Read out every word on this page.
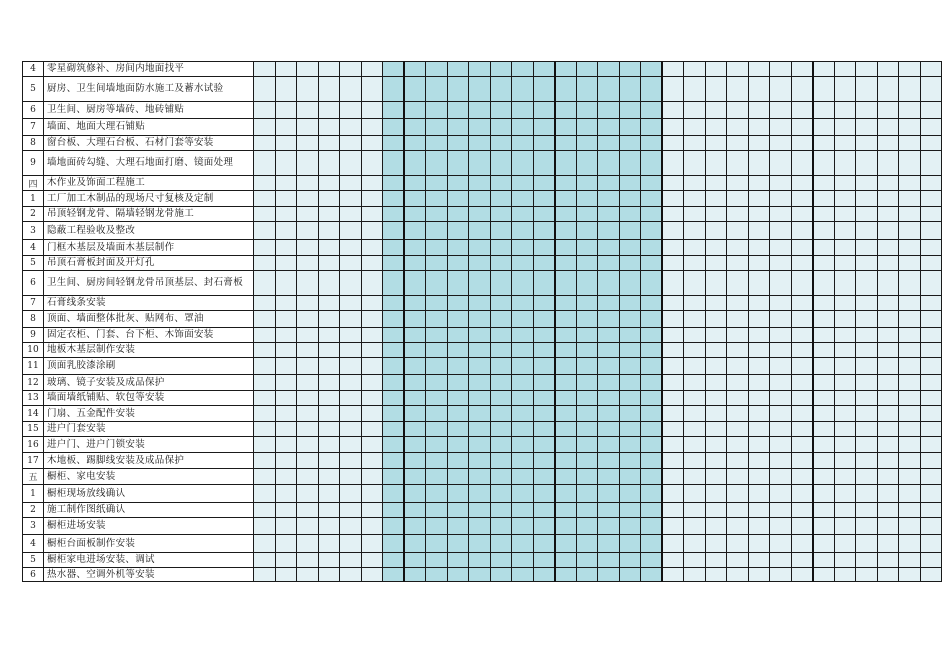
4	零星砌筑修补、房间内地面找平																																
5	厨房、卫生间墙地面防水施工及蓄水试验																																
6	卫生间、厨房等墙砖、地砖铺贴																																
7	墙面、地面大理石铺贴																																
8	窗台板、大理石台板、石材门套等安装																																
9	墙地面砖勾缝、大理石地面打磨、镜面处理																																
四	木作业及饰面工程施工																																
1	工厂加工木制品的现场尺寸复核及定制																																
2	吊顶轻钢龙骨、隔墙轻钢龙骨施工																																
3	隐蔽工程验收及整改																																
4	门框木基层及墙面木基层制作																																
5	吊顶石膏板封面及开灯孔																																
6	卫生间、厨房间轻钢龙骨吊顶基层、封石膏板																																
7	石膏线条安装																																
8	顶面、墙面整体批灰、贴网布、罩油																																
9	固定衣柜、门套、台下柜、木饰面安装																																
10	地板木基层制作安装																																
11	顶面乳胶漆涂刷																																
12	玻璃、镜子安装及成品保护																																
13	墙面墙纸铺贴、软包等安装																																
14	门扇、五金配件安装																																
15	进户门套安装																																
16	进户门、进户门锁安装																																
17	木地板、踢脚线安装及成品保护																																
五	橱柜、家电安装																																
1	橱柜现场放线确认																																
2	施工制作图纸确认																																
3	橱柜进场安装																																
4	橱柜台面板制作安装																																
5	橱柜家电进场安装、调试																																
6	热水器、空调外机等安装																																
